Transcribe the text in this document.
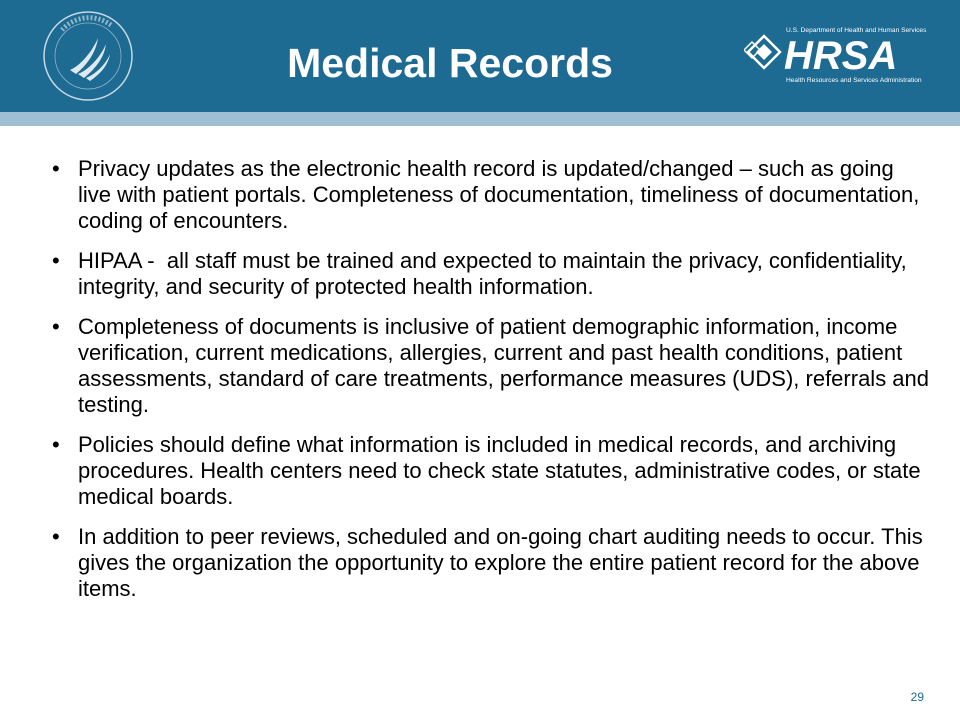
Medical Records
U.S. Department of Health and Human Services
HRSA
Health Resources and Services Administration
• Privacy updates as the electronic health record is updated/changed – such as going live with patient portals. Completeness of documentation, timeliness of documentation, coding of encounters.
• HIPAA -  all staff must be trained and expected to maintain the privacy, confidentiality, integrity, and security of protected health information.
• Completeness of documents is inclusive of patient demographic information, income verification, current medications, allergies, current and past health conditions, patient assessments, standard of care treatments, performance measures (UDS), referrals and testing.
• Policies should define what information is included in medical records, and archiving procedures. Health centers need to check state statutes, administrative codes, or state medical boards.
• In addition to peer reviews, scheduled and on-going chart auditing needs to occur. This gives the organization the opportunity to explore the entire patient record for the above items.
29
